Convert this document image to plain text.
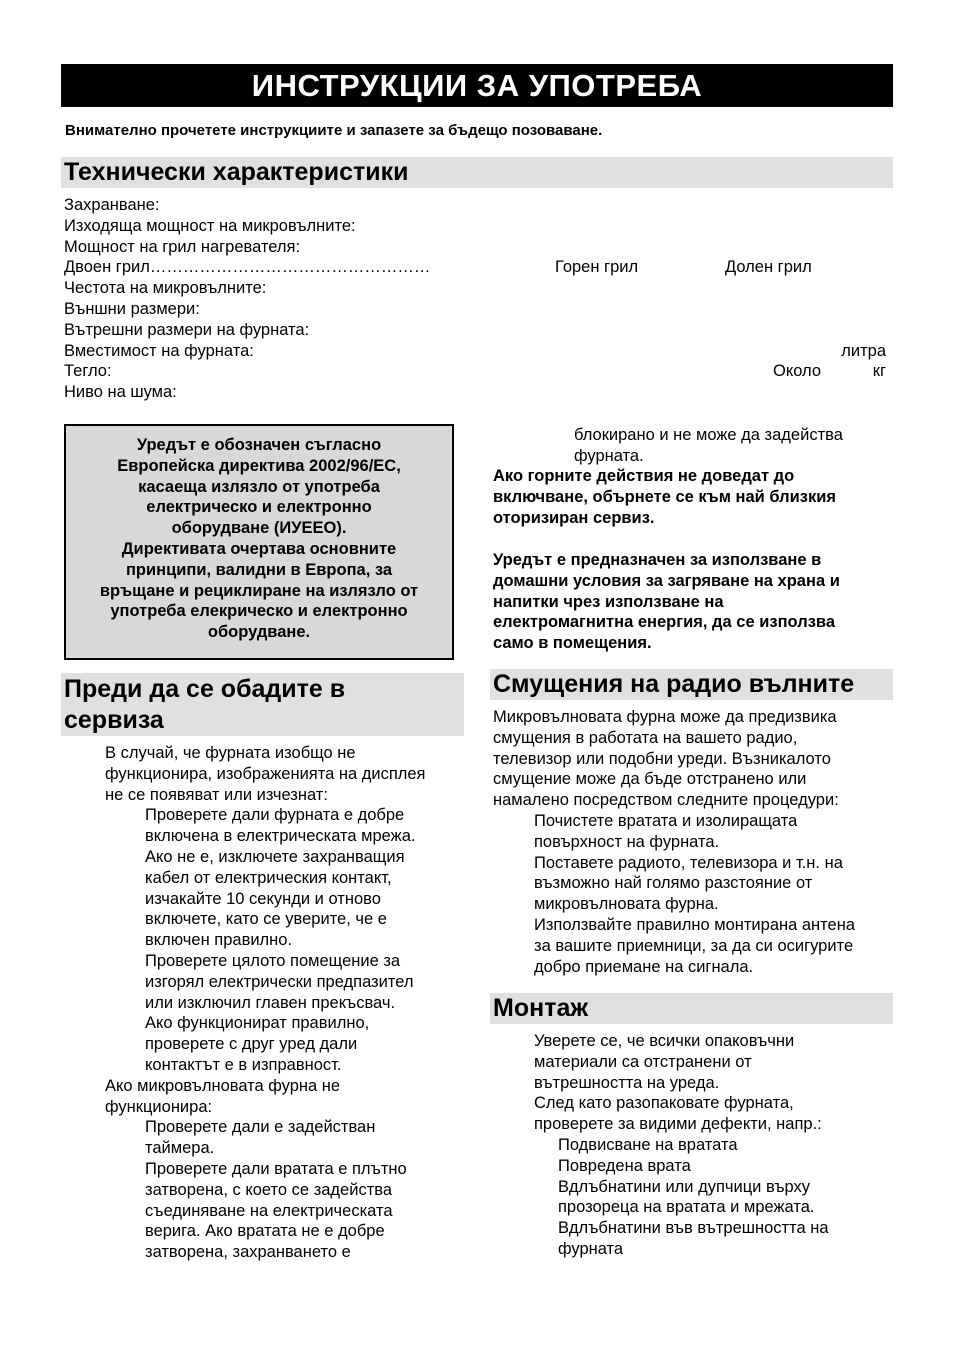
ИНСТРУКЦИИ ЗА УПОТРЕБА
Внимателно прочетете инструкциите и запазете за бъдещо позоваване.
Технически характеристики
Захранване:
Изходяща мощност на микровълните:
Мощност на грил нагревателя:
Двоен грил……………………………………………	Горен грил	Долен грил
Честота на микровълните:
Външни размери:
Вътрешни размери на фурната:
Вместимост на фурната:	литра
Тегло:	Около	кг
Ниво на шума:
Уредът е обозначен съгласно
Европейска директива 2002/96/ЕС,
касаеща излязло от употреба
електрическо и електронно
оборудване (ИУЕЕО).
Директивата очертава основните
принципи, валидни в Европа, за
връщане и рециклиране на излязло от
употреба елекрическо и електронно
оборудване.
Преди да се обадите в
сервиза
В случай, че фурната изобщо не
функционира, изображенията на дисплея
не се появяват или изчезнат:
Проверете дали фурната е добре
включена в електрическата мрежа.
Ако не е, изключете захранващия
кабел от електрическия контакт,
изчакайте 10 секунди и отново
включете, като се уверите, че е
включен правилно.
Проверете цялото помещение за
изгорял електрически предпазител
или изключил главен прекъсвач.
Ако функционират правилно,
проверете с друг уред дали
контактът е в изправност.
Ако микровълновата фурна не
функционира:
Проверете дали е задействан
таймера.
Проверете дали вратата е плътно
затворена, с което се задейства
съединяване на електрическата
верига. Ако вратата не е добре
затворена, захранването е
блокирано и не може да задейства
фурната.
Ако горните действия не доведат до
включване, обърнете се към най близкия
оторизиран сервиз.
Уредът е предназначен за използване в
домашни условия за загряване на храна и
напитки чрез използване на
електромагнитна енергия, да се използва
само в помещения.
Смущения на радио вълните
Микровълновата фурна може да предизвика
смущения в работата на вашето радио,
телевизор или подобни уреди. Възникалото
смущение може да бъде отстранено или
намалено посредством следните процедури:
Почистете вратата и изолиращата
повърхност на фурната.
Поставете радиото, телевизора и т.н. на
възможно най голямо разстояние от
микровълновата фурна.
Използвайте правилно монтирана антена
за вашите приемници, за да си осигурите
добро приемане на сигнала.
Монтаж
Уверете се, че всички опаковъчни
материали са отстранени от
вътрешността на уреда.
След като разопаковате фурната,
проверете за видими дефекти, напр.:
Подвисване на вратата
Повредена врата
Вдлъбнатини или дупчици върху
прозореца на вратата и мрежата.
Вдлъбнатини във вътрешността на
фурната
